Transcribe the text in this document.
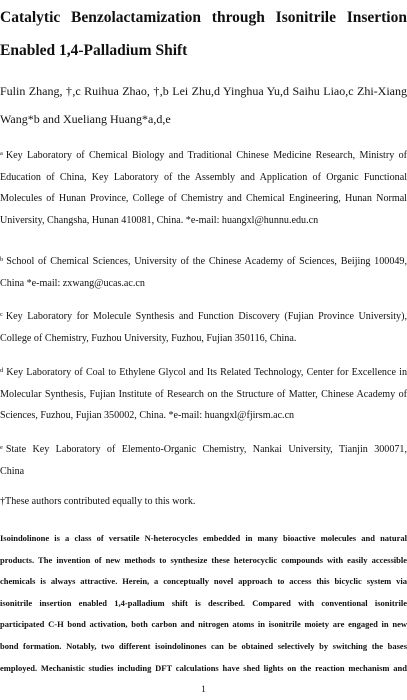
Catalytic Benzolactamization through Isonitrile Insertion
Enabled 1,4-Palladium Shift
Fulin Zhang, †,c Ruihua Zhao, †,b Lei Zhu,d Yinghua Yu,d Saihu Liao,c Zhi-Xiang
Wang*b and Xueliang Huang*a,d,e
$^a$ Key Laboratory of Chemical Biology and Traditional Chinese Medicine Research, Ministry of
Education of China, Key Laboratory of the Assembly and Application of Organic Functional
Molecules of Hunan Province, College of Chemistry and Chemical Engineering, Hunan Normal
University, Changsha, Hunan 410081, China. *e-mail: huangxl@hunnu.edu.cn
$^b$ School of Chemical Sciences, University of the Chinese Academy of Sciences, Beijing 100049,
China *e-mail: zxwang@ucas.ac.cn
$^c$ Key Laboratory for Molecule Synthesis and Function Discovery (Fujian Province University),
College of Chemistry, Fuzhou University, Fuzhou, Fujian 350116, China.
$^d$ Key Laboratory of Coal to Ethylene Glycol and Its Related Technology, Center for Excellence in
Molecular Synthesis, Fujian Institute of Research on the Structure of Matter, Chinese Academy of
Sciences, Fuzhou, Fujian 350002, China. *e-mail: huangxl@fjirsm.ac.cn
$^e$ State Key Laboratory of Elemento-Organic Chemistry, Nankai University, Tianjin 300071,
China
†These authors contributed equally to this work.
Isoindolinone is a class of versatile N-heterocycles embedded in many bioactive molecules and natural
products. The invention of new methods to synthesize these heterocyclic compounds with easily accessible
chemicals is always attractive. Herein, a conceptually novel approach to access this bicyclic system via
isonitrile insertion enabled 1,4-palladium shift is described. Compared with conventional isonitrile
participated C-H bond activation, both carbon and nitrogen atoms in isonitrile moiety are engaged in new
bond formation. Notably, two different isoindolinones can be obtained selectively by switching the bases
employed. Mechanistic studies including DFT calculations have shed lights on the reaction mechanism and
1
